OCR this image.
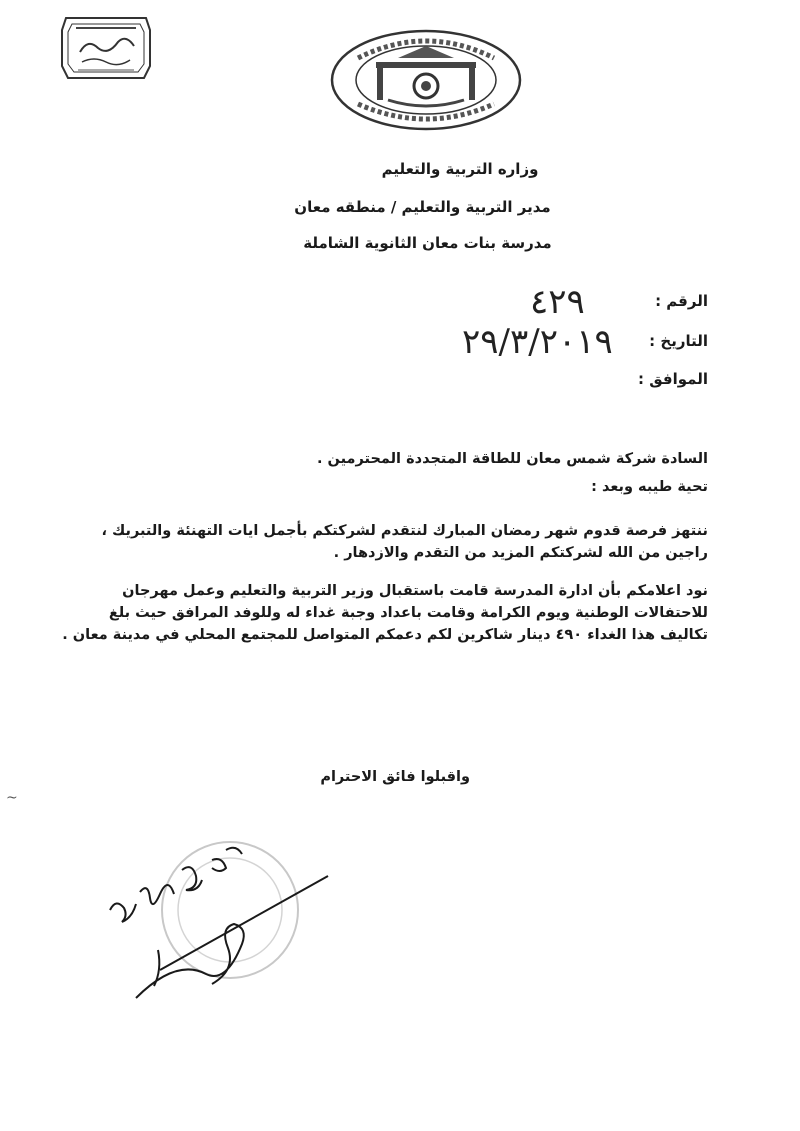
وزاره التربية والتعليم
مدير التربية والتعليم / منطقه معان
مدرسة بنات معان الثانوية الشاملة
الرقم :
٤٢٩
التاريخ :
٢٩/٣/٢٠١٩
الموافق :
السادة شركة شمس معان للطاقة المتجددة المحترمين .
تحية طيبه وبعد :
ننتهز فرصة قدوم شهر رمضان المبارك لنتقدم لشركتكم بأجمل ايات التهنئة والتبريك ، راجين من الله لشركتكم المزيد من التقدم والازدهار .
نود اعلامكم بأن ادارة المدرسة قامت باستقبال وزير التربية والتعليم وعمل مهرجان للاحتفالات الوطنية ويوم الكرامة وقامت باعداد وجبة غداء له وللوفد المرافق حيث بلغ تكاليف هذا الغداء ٤٩٠ دينار شاكرين لكم دعمكم المتواصل للمجتمع المحلي في مدينة معان .
واقبلوا فائق الاحترام
~
